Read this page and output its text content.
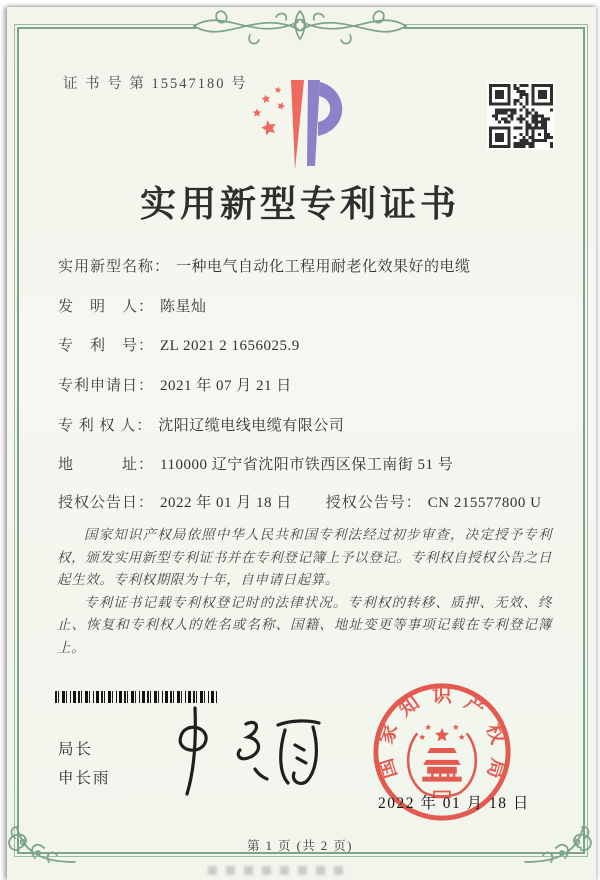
证 书 号 第 15547180 号
实用新型专利证书
实用新型名称： 一种电气自动化工程用耐老化效果好的电缆
发　明　人： 陈星灿
专　利　号： ZL 2021 2 1656025.9
专利申请日： 2021 年 07 月 21 日
专 利 权 人： 沈阳辽缆电线电缆有限公司
地　　　址： 110000 辽宁省沈阳市铁西区保工南街 51 号
授权公告日： 2022 年 01 月 18 日 授权公告号： CN 215577800 U

国家知识产权局依照中华人民共和国专利法经过初步审查，决定授予专利权，颁发实用新型专利证书并在专利登记簿上予以登记。专利权自授权公告之日起生效。专利权期限为十年，自申请日起算。

专利证书记载专利权登记时的法律状况。专利权的转移、质押、无效、终止、恢复和专利权人的姓名或名称、国籍、地址变更等事项记载在专利登记簿上。

局长
申长雨	国
家
知 识 产
权
局
2022 年 01 月 18 日
第 1 页 (共 2 页)
